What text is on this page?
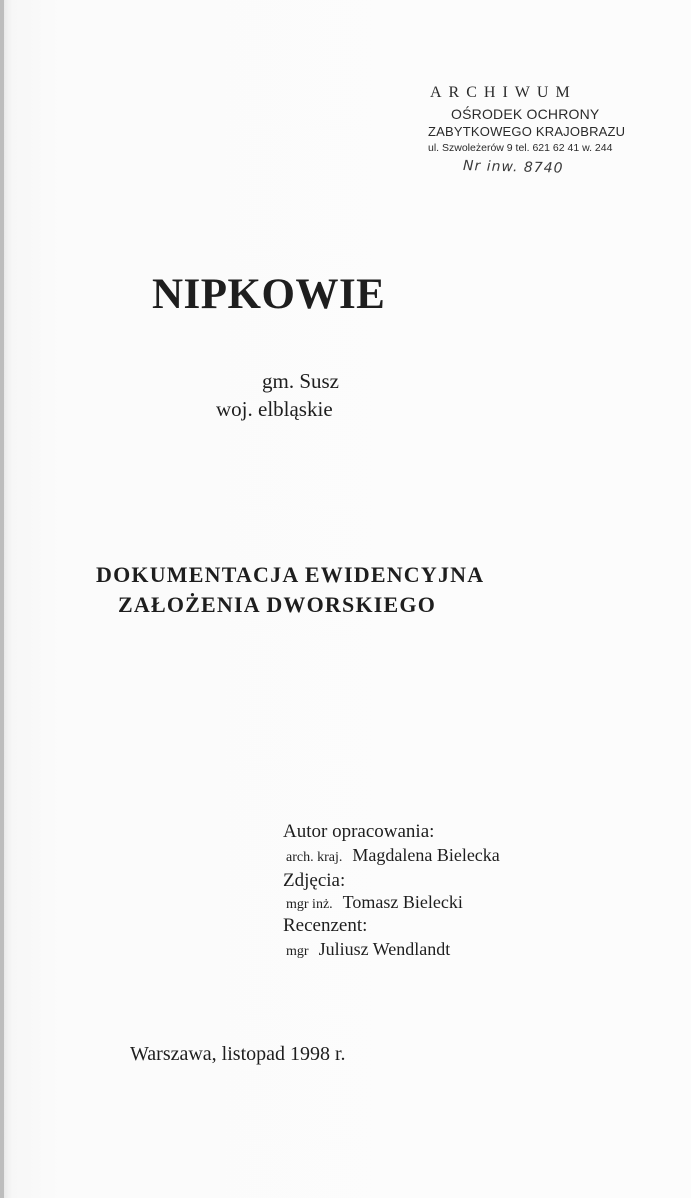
ARCHIWUM
OŚRODEK OCHRONY
ZABYTKOWEGO KRAJOBRAZU
ul. Szwoleżerów 9 tel. 621 62 41 w. 244
Nr inw. 8740
NIPKOWIE
gm. Susz
woj. elbląskie
DOKUMENTACJA EWIDENCYJNA
ZAŁOŻENIA DWORSKIEGO
Autor opracowania:
arch. kraj. Magdalena Bielecka
Zdjęcia:
mgr inż. Tomasz Bielecki
Recenzent:
mgr Juliusz Wendlandt
Warszawa, listopad 1998 r.
